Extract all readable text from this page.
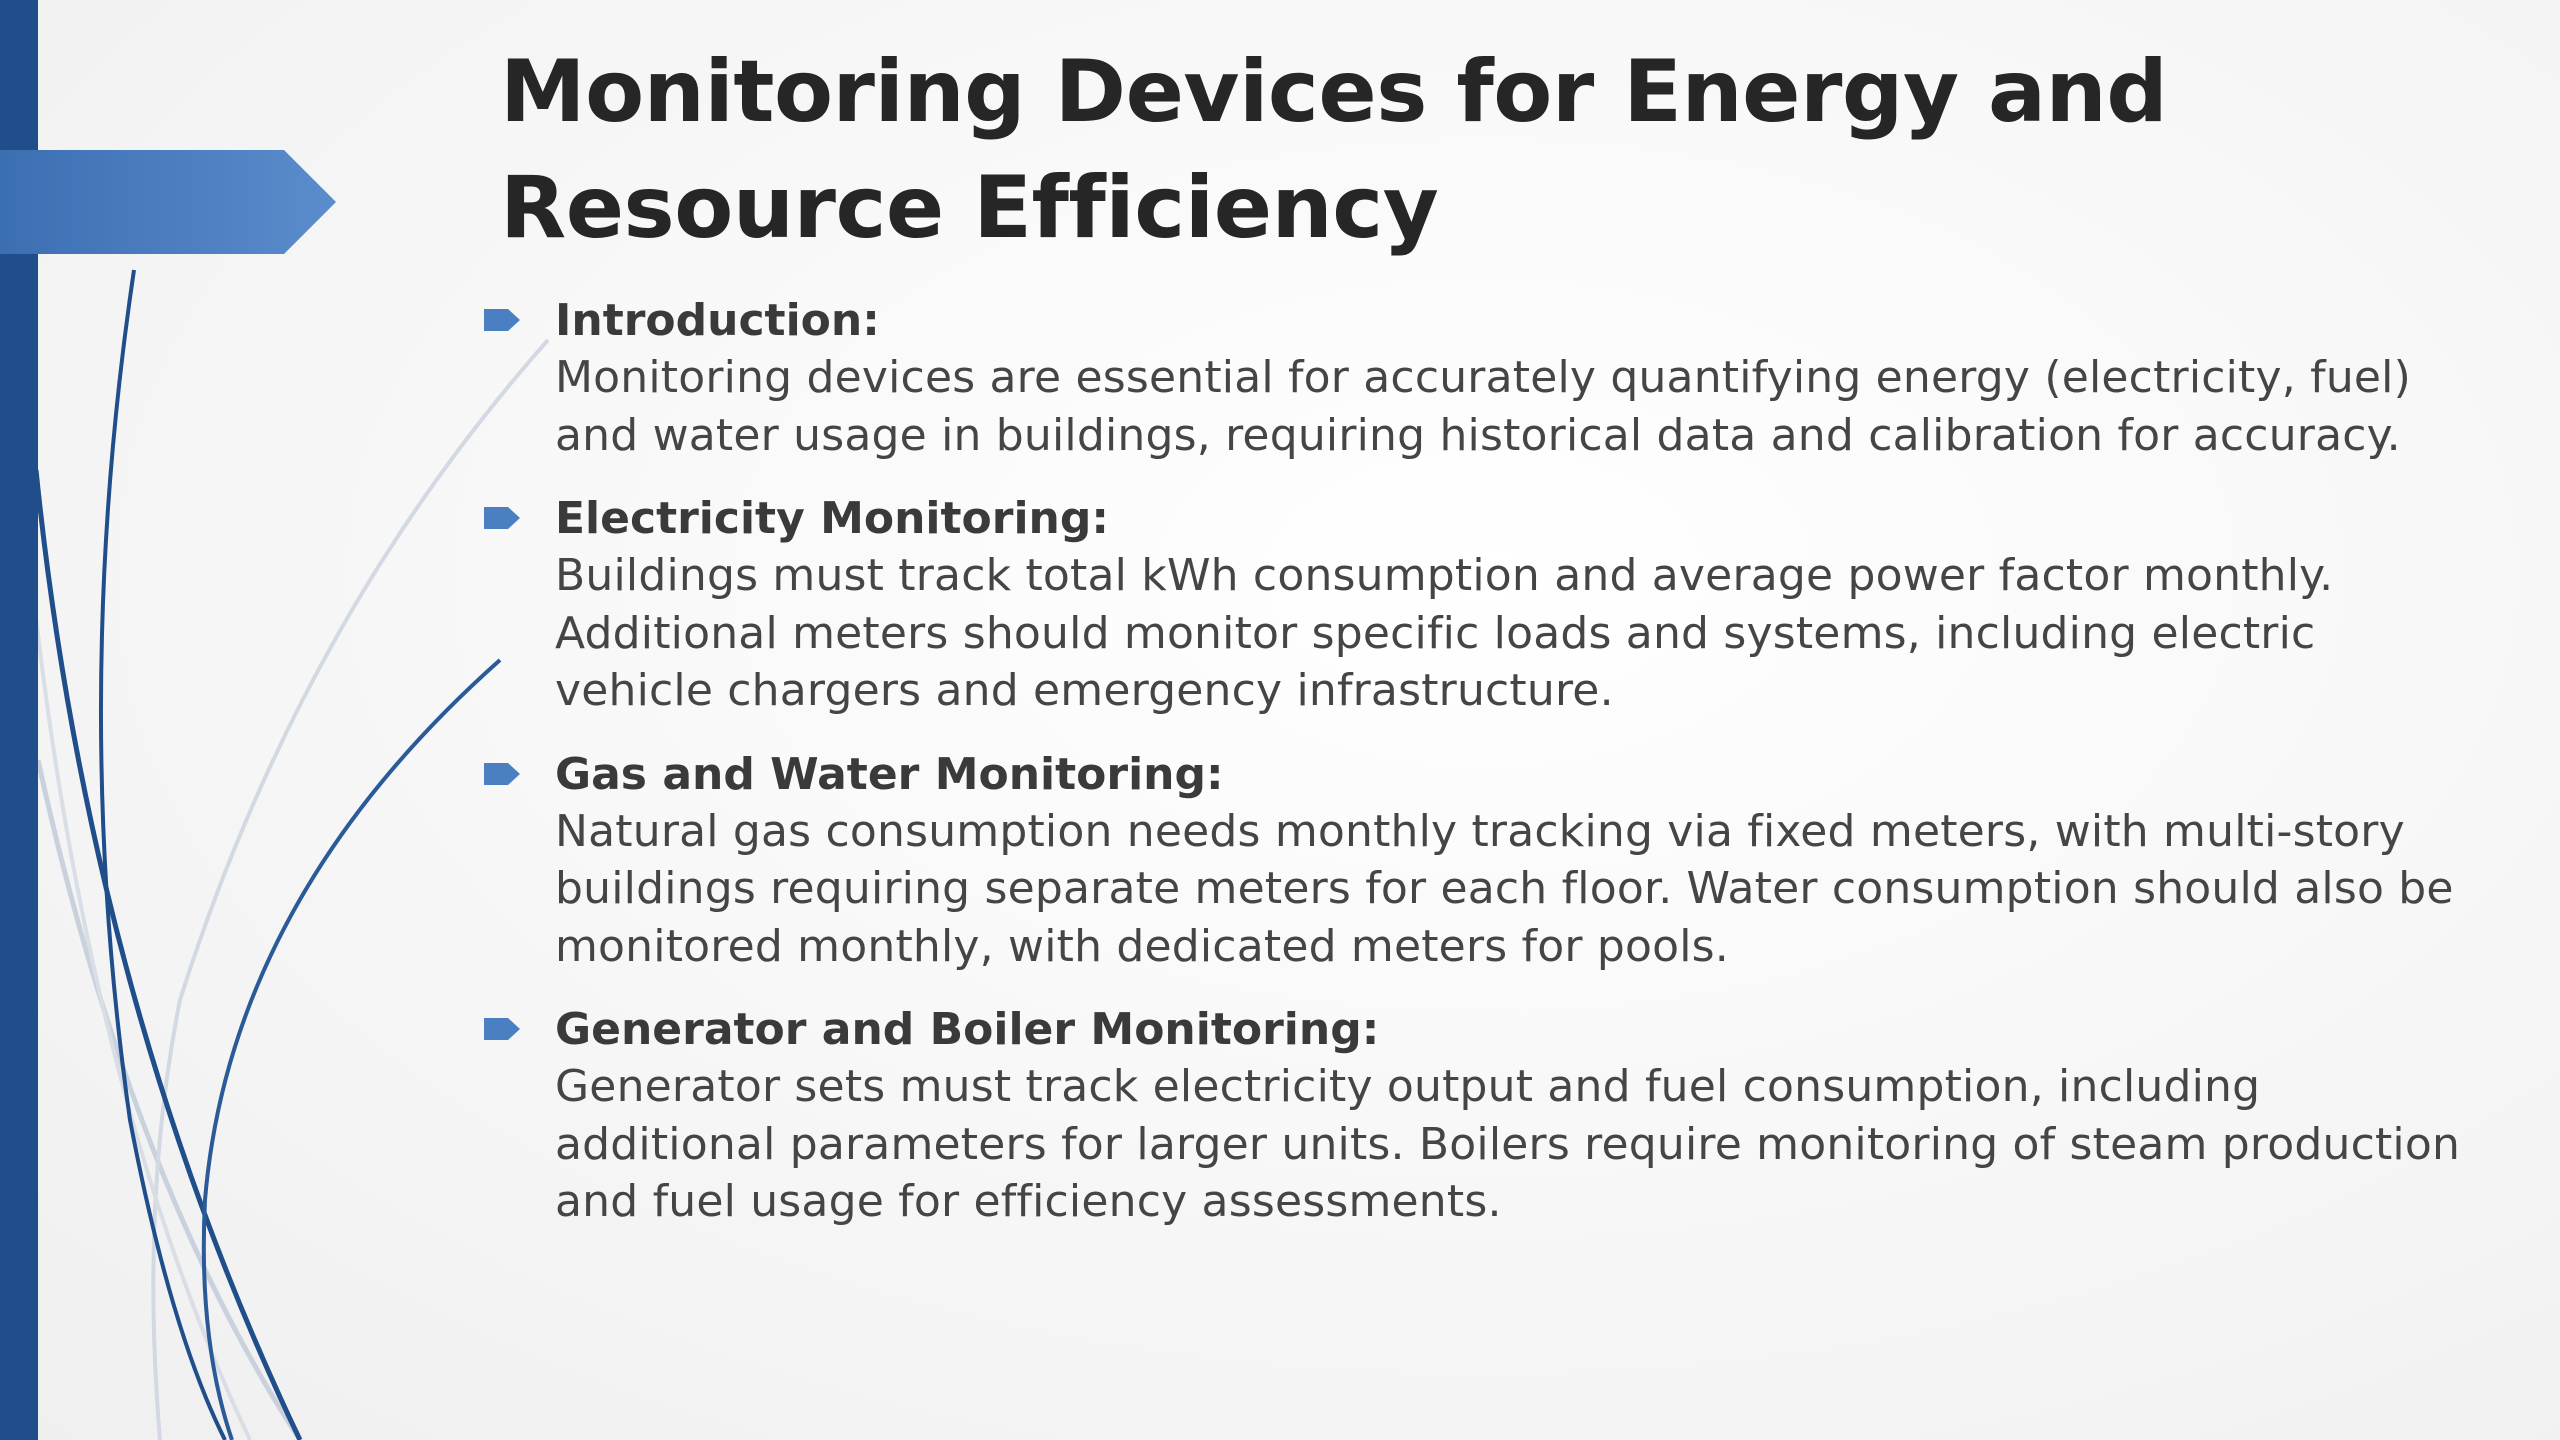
Monitoring Devices for Energy and
Resource Efficiency
Introduction:
Monitoring devices are essential for accurately quantifying energy (electricity, fuel) and water usage in buildings, requiring historical data and calibration for accuracy.
Electricity Monitoring:
Buildings must track total kWh consumption and average power factor monthly. Additional meters should monitor specific loads and systems, including electric vehicle chargers and emergency infrastructure.
Gas and Water Monitoring:
Natural gas consumption needs monthly tracking via fixed meters, with multi-story buildings requiring separate meters for each floor. Water consumption should also be monitored monthly, with dedicated meters for pools.
Generator and Boiler Monitoring:
Generator sets must track electricity output and fuel consumption, including additional parameters for larger units. Boilers require monitoring of steam production and fuel usage for efficiency assessments.
